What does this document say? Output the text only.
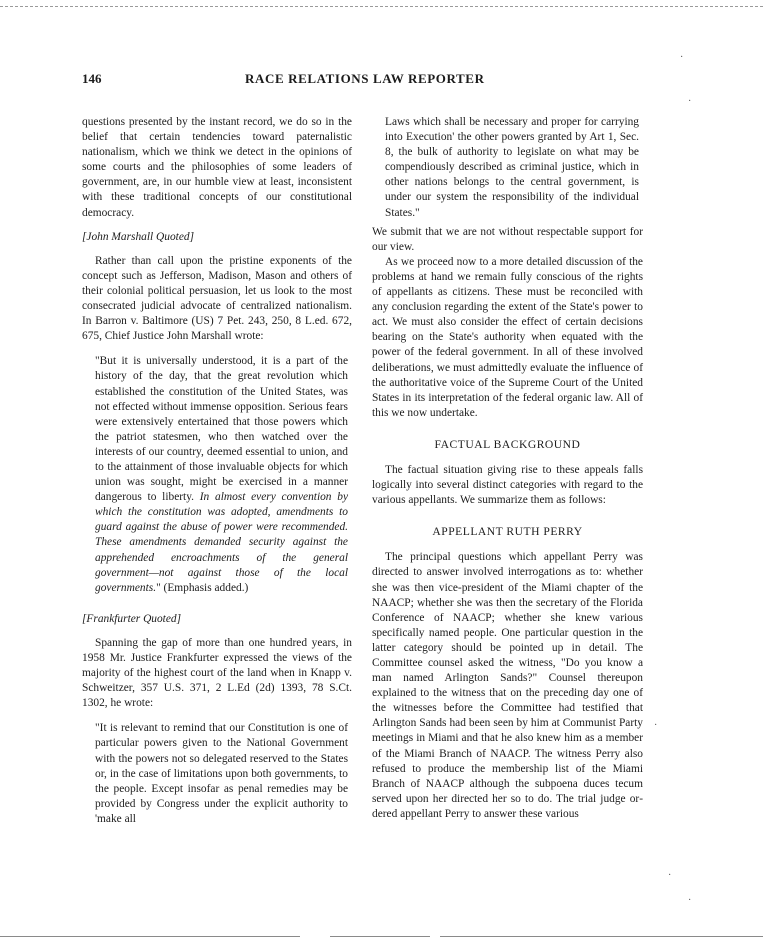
146	RACE RELATIONS LAW REPORTER

questions presented by the instant record, we do so in the belief that certain tendencies toward paternalistic nationalism, which we think we detect in the opinions of some courts and the philosophies of some leaders of government, are, in our humble view at least, inconsistent with these traditional concepts of our constitutional democracy.

[John Marshall Quoted]

Rather than call upon the pristine exponents of the concept such as Jefferson, Madison, Mason and others of their colonial political persuasion, let us look to the most consecrated judicial advocate of centralized nationalism. In Barron v. Baltimore (US) 7 Pet. 243, 250, 8 L.ed. 672, 675, Chief Justice John Marshall wrote:

"But it is universally understood, it is a part of the history of the day, that the great revolution which established the constitution of the United States, was not effected without immense opposition. Serious fears were extensively entertained that those powers which the patriot statesmen, who then watched over the interests of our country, deemed essential to union, and to the attainment of those invaluable objects for which union was sought, might be exercised in a manner dangerous to liberty. In almost every convention by which the constitution was adopted, amendments to guard against the abuse of power were recommended. These amendments demanded security against the apprehended encroachments of the general government—not against those of the local governments." (Emphasis added.)

[Frankfurter Quoted]

Spanning the gap of more than one hundred years, in 1958 Mr. Justice Frankfurter expressed the views of the majority of the highest court of the land when in Knapp v. Schweitzer, 357 U.S. 371, 2 L.Ed (2d) 1393, 78 S.Ct. 1302, he wrote:

"It is relevant to remind that our Constitution is one of particular powers given to the National Government with the powers not so delegated reserved to the States or, in the case of limitations upon both governments, to the people. Except insofar as penal remedies may be provided by Congress under the explicit authority to 'make all

Laws which shall be necessary and proper for carrying into Execution' the other powers granted by Art 1, Sec. 8, the bulk of authority to legislate on what may be compendiously described as criminal justice, which in other nations belongs to the central government, is under our system the responsibility of the individual States."

We submit that we are not without respectable support for our view.

As we proceed now to a more detailed discussion of the problems at hand we remain fully conscious of the rights of appellants as citizens. These must be reconciled with any conclusion regarding the extent of the State's power to act. We must also consider the effect of certain decisions bearing on the State's authority when equated with the power of the federal government. In all of these involved deliberations, we must admittedly evaluate the influence of the authoritative voice of the Supreme Court of the United States in its interpretation of the federal organic law. All of this we now undertake.

FACTUAL BACKGROUND

The factual situation giving rise to these appeals falls logically into several distinct categories with regard to the various appellants. We summarize them as follows:

APPELLANT RUTH PERRY

The principal questions which appellant Perry was directed to answer involved interrogations as to: whether she was then vice-president of the Miami chapter of the NAACP; whether she was then the secretary of the Florida Conference of NAACP; whether she knew various specifically named people. One particular question in the latter category should be pointed up in detail. The Committee counsel asked the witness, "Do you know a man named Arlington Sands?" Counsel thereupon explained to the witness that on the preceding day one of the witnesses before the Committee had testified that Arlington Sands had been seen by him at Communist Party meetings in Miami and that he also knew him as a member of the Miami Branch of NAACP. The witness Perry also refused to produce the membership list of the Miami Branch of NAACP although the subpoena duces tecum served upon her directed her so to do. The trial judge ordered appellant Perry to answer these various

·
·
·
·
·
